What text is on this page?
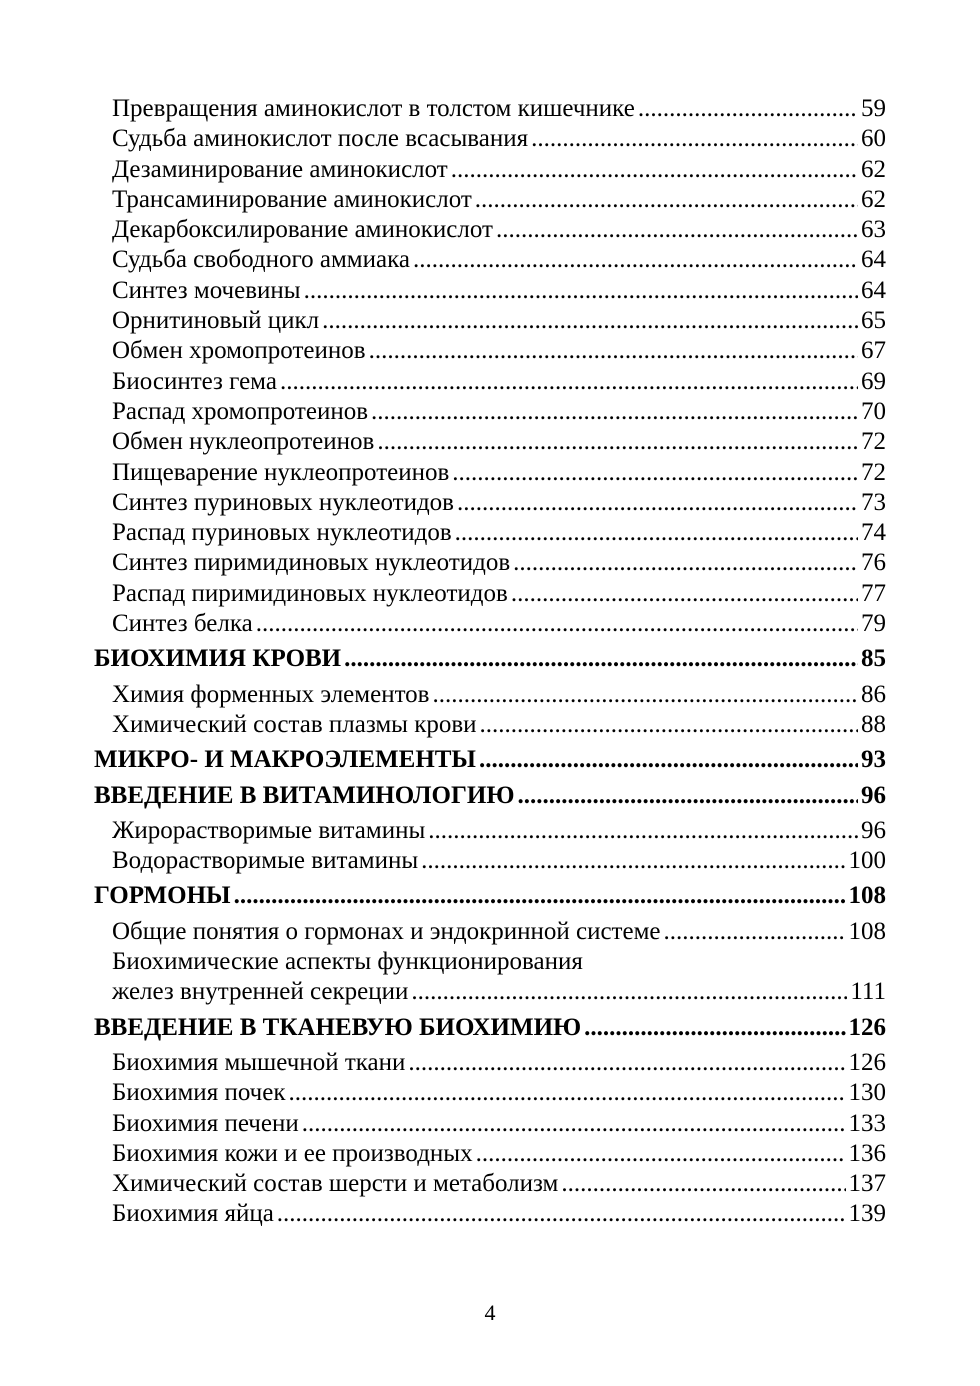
Превращения аминокислот в толстом кишечнике .....	59
Судьба аминокислот после всасывания .....	60
Дезаминирование аминокислот .....	62
Трансаминирование аминокислот .....	62
Декарбоксилирование аминокислот .....	63
Судьба свободного аммиака .....	64
Синтез мочевины .....	64
Орнитиновый цикл .....	65
Обмен хромопротеинов .....	67
Биосинтез гема .....	69
Распад хромопротеинов .....	70
Обмен нуклеопротеинов .....	72
Пищеварение нуклеопротеинов .....	72
Синтез пуриновых нуклеотидов .....	73
Распад пуриновых нуклеотидов .....	74
Синтез пиримидиновых нуклеотидов .....	76
Распад пиримидиновых нуклеотидов .....	77
Синтез белка .....	79
БИОХИМИЯ КРОВИ .....	85
Химия форменных элементов .....	86
Химический состав плазмы крови .....	88
МИКРО- И МАКРОЭЛЕМЕНТЫ .....	93
ВВЕДЕНИЕ В ВИТАМИНОЛОГИЮ .....	96
Жирорастворимые витамины .....	96
Водорастворимые витамины .....	100
ГОРМОНЫ .....	108
Общие понятия о гормонах и эндокринной системе .....	108
Биохимические аспекты функционирования
желез внутренней секреции .....	111
ВВЕДЕНИЕ В ТКАНЕВУЮ БИОХИМИЮ .....	126
Биохимия мышечной ткани .....	126
Биохимия почек .....	130
Биохимия печени .....	133
Биохимия кожи и ее производных .....	136
Химический состав шерсти и метаболизм .....	137
Биохимия яйца .....	139
4
